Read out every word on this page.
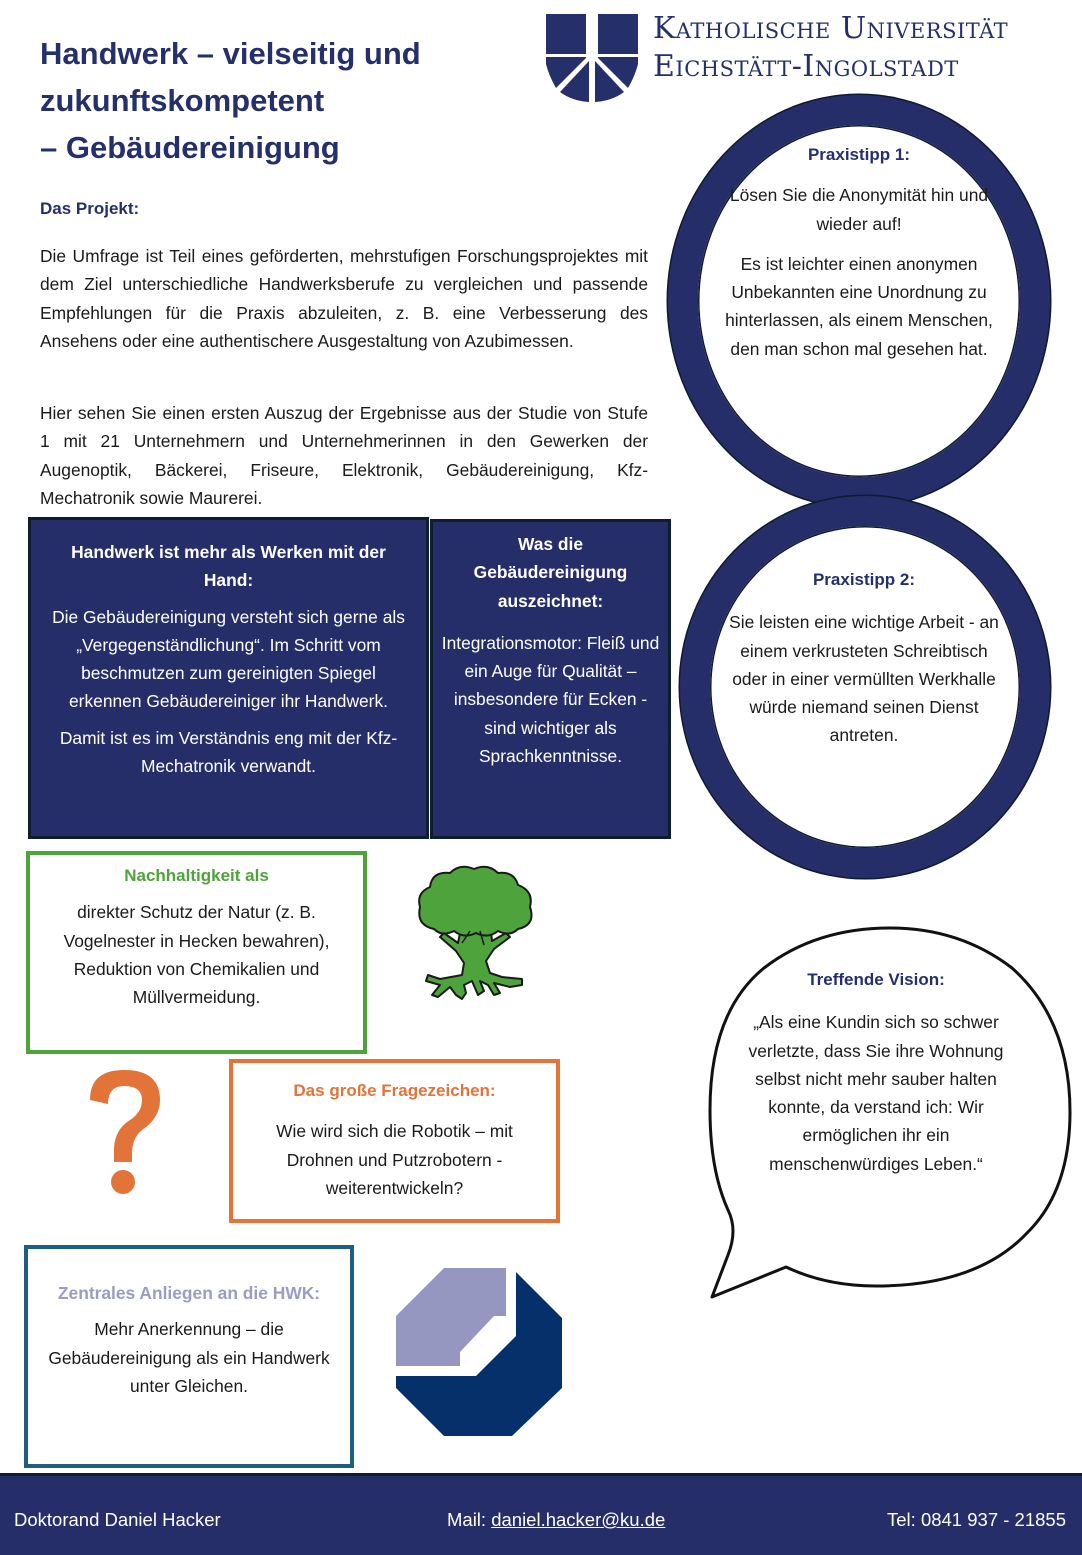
Handwerk – vielseitig und
zukunftskompetent
– Gebäudereinigung
Katholische Universität
Eichstätt-Ingolstadt
Das Projekt:
Die Umfrage ist Teil eines geförderten, mehrstufigen Forschungsprojektes mit dem Ziel unterschiedliche Handwerksberufe zu vergleichen und passende Empfehlungen für die Praxis abzuleiten, z. B. eine Verbesserung des Ansehens oder eine authentischere Ausgestaltung von Azubimessen.
Hier sehen Sie einen ersten Auszug der Ergebnisse aus der Studie von Stufe 1 mit 21 Unternehmern und Unternehmerinnen in den Gewerken der Augenoptik, Bäckerei, Friseure, Elektronik, Gebäudereinigung, Kfz-Mechatronik sowie Maurerei.
Praxistipp 1:
Lösen Sie die Anonymität hin und wieder auf!
Es ist leichter einen anonymen Unbekannten eine Unordnung zu hinterlassen, als einem Menschen, den man schon mal gesehen hat.
Praxistipp 2:
Sie leisten eine wichtige Arbeit - an einem verkrusteten Schreibtisch oder in einer vermüllten Werkhalle würde niemand seinen Dienst antreten.
Handwerk ist mehr als Werken mit der Hand:
Die Gebäudereinigung versteht sich gerne als „Vergegenständlichung“. Im Schritt vom beschmutzen zum gereinigten Spiegel erkennen Gebäudereiniger ihr Handwerk.
Damit ist es im Verständnis eng mit der Kfz-Mechatronik verwandt.
Was die Gebäudereinigung auszeichnet:
Integrationsmotor: Fleiß und ein Auge für Qualität – insbesondere für Ecken - sind wichtiger als Sprachkenntnisse.
Nachhaltigkeit als
direkter Schutz der Natur (z. B. Vogelnester in Hecken bewahren), Reduktion von Chemikalien und Müllvermeidung.
Das große Fragezeichen:
Wie wird sich die Robotik – mit Drohnen und Putzrobotern - weiterentwickeln?
Treffende Vision:
„Als eine Kundin sich so schwer verletzte, dass Sie ihre Wohnung selbst nicht mehr sauber halten konnte, da verstand ich: Wir ermöglichen ihr ein menschenwürdiges Leben.“
Zentrales Anliegen an die HWK:
Mehr Anerkennung – die Gebäudereinigung als ein Handwerk unter Gleichen.
Doktorand Daniel Hacker	Mail: daniel.hacker@ku.de	Tel: 0841 937 - 21855
